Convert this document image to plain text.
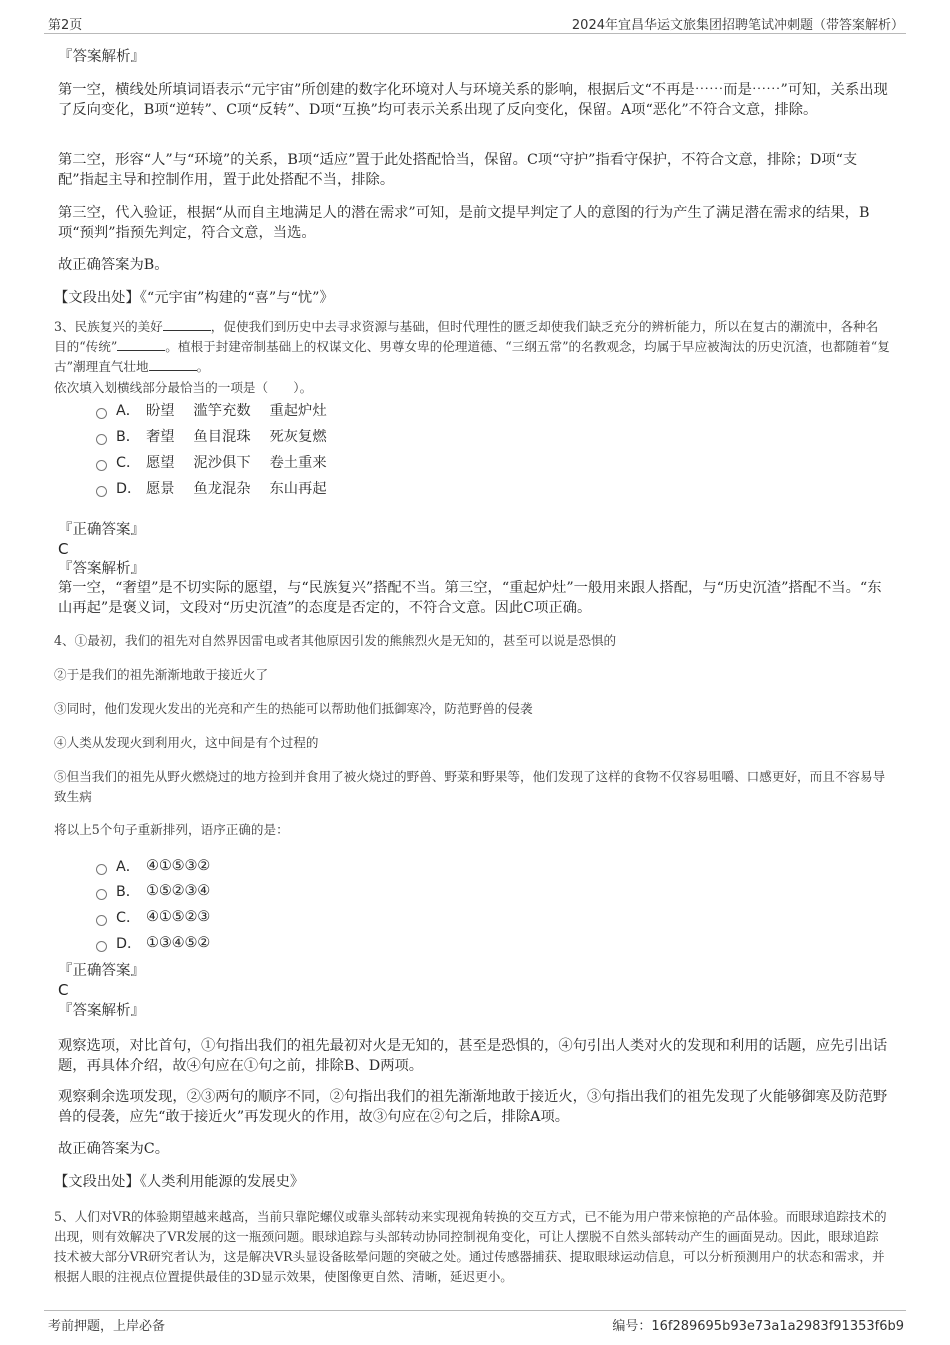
第2页	2024年宜昌华运文旅集团招聘笔试冲刺题（带答案解析）
『答案解析』
第一空，横线处所填词语表示“元宇宙”所创建的数字化环境对人与环境关系的影响，根据后文“不再是⋯⋯而是⋯⋯”可知，关系出现了反向变化，B项“逆转”、C项“反转”、D项“互换”均可表示关系出现了反向变化，保留。A项“恶化”不符合文意，排除。
第二空，形容“人”与“环境”的关系，B项“适应”置于此处搭配恰当，保留。C项“守护”指看守保护，不符合文意，排除；D项“支配”指起主导和控制作用，置于此处搭配不当，排除。
第三空，代入验证，根据“从而自主地满足人的潜在需求”可知，是前文提早判定了人的意图的行为产生了满足潜在需求的结果，B项“预判”指预先判定，符合文意，当选。
故正确答案为B。
【文段出处】《“元宇宙”构建的“喜”与“忧”》
3、民族复兴的美好	，促使我们到历史中去寻求资源与基础，但时代理性的匮乏却使我们缺乏充分的辨析能力，所以在复古的潮流中，各种名目的“传统”	。植根于封建帝制基础上的权谋文化、男尊女卑的伦理道德、“三纲五常”的名教观念，均属于早应被淘汰的历史沉渣，也都随着“复古”潮理直气壮地	。
依次填入划横线部分最恰当的一项是（　　）。
A． 盼望　 滥竽充数　 重起炉灶
B． 奢望　 鱼目混珠　 死灰复燃
C． 愿望　 泥沙俱下　 卷土重来
D． 愿景　 鱼龙混杂　 东山再起
『正确答案』
C
『答案解析』
第一空，“奢望”是不切实际的愿望，与“民族复兴”搭配不当。第三空，“重起炉灶”一般用来跟人搭配，与“历史沉渣”搭配不当。“东山再起”是褒义词，文段对“历史沉渣”的态度是否定的，不符合文意。因此C项正确。
4、①最初，我们的祖先对自然界因雷电或者其他原因引发的熊熊烈火是无知的，甚至可以说是恐惧的
②于是我们的祖先渐渐地敢于接近火了
③同时，他们发现火发出的光亮和产生的热能可以帮助他们抵御寒冷，防范野兽的侵袭
④人类从发现火到利用火，这中间是有个过程的
⑤但当我们的祖先从野火燃烧过的地方捡到并食用了被火烧过的野兽、野菜和野果等，他们发现了这样的食物不仅容易咀嚼、口感更好，而且不容易导致生病
将以上5个句子重新排列，语序正确的是：
A． ④①⑤③②
B． ①⑤②③④
C． ④①⑤②③
D． ①③④⑤②
『正确答案』
C
『答案解析』
观察选项，对比首句，①句指出我们的祖先最初对火是无知的，甚至是恐惧的，④句引出人类对火的发现和利用的话题，应先引出话题，再具体介绍，故④句应在①句之前，排除B、D两项。
观察剩余选项发现，②③两句的顺序不同，②句指出我们的祖先渐渐地敢于接近火，③句指出我们的祖先发现了火能够御寒及防范野兽的侵袭，应先“敢于接近火”再发现火的作用，故③句应在②句之后，排除A项。
故正确答案为C。
【文段出处】《人类利用能源的发展史》
5、人们对VR的体验期望越来越高，当前只靠陀螺仪或靠头部转动来实现视角转换的交互方式，已不能为用户带来惊艳的产品体验。而眼球追踪技术的出现，则有效解决了VR发展的这一瓶颈问题。眼球追踪与头部转动协同控制视角变化，可让人摆脱不自然头部转动产生的画面晃动。因此，眼球追踪技术被大部分VR研究者认为，这是解决VR头显设备眩晕问题的突破之处。通过传感器捕获、提取眼球运动信息，可以分析预测用户的状态和需求，并根据人眼的注视点位置提供最佳的3D显示效果，使图像更自然、清晰，延迟更小。
考前押题，上岸必备	编号：16f289695b93e73a1a2983f91353f6b9
